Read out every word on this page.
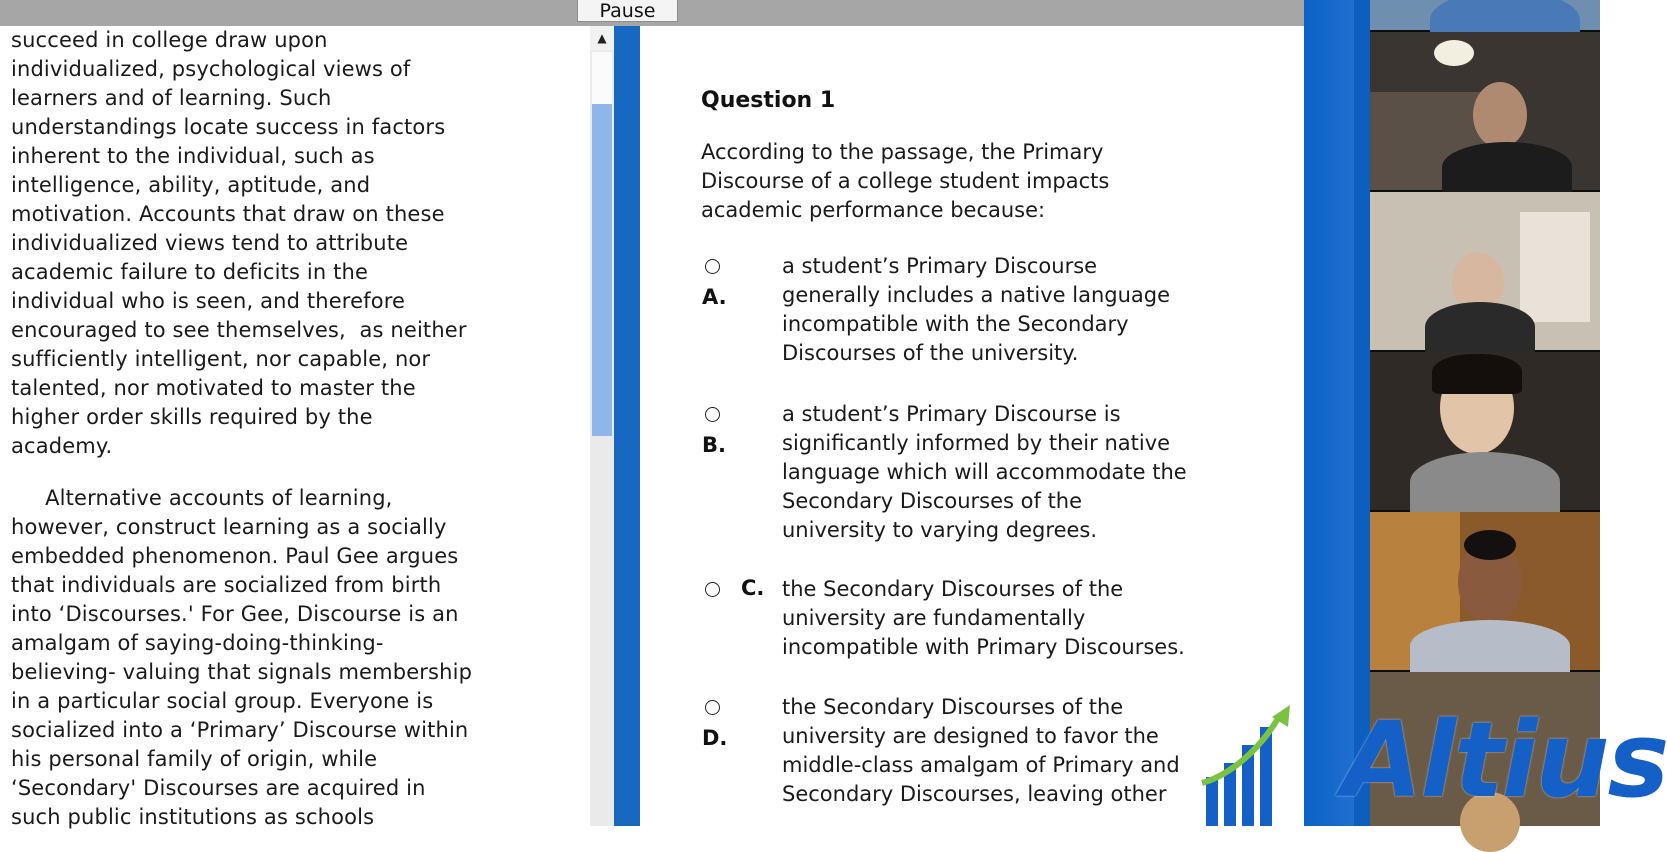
Pause
succeed in college draw upon
individualized, psychological views of
learners and of learning. Such
understandings locate success in factors
inherent to the individual, such as
intelligence, ability, aptitude, and
motivation. Accounts that draw on these
individualized views tend to attribute
academic failure to deficits in the
individual who is seen, and therefore
encouraged to see themselves,  as neither
sufficiently intelligent, nor capable, nor
talented, nor motivated to master the
higher order skills required by the
academy.
Alternative accounts of learning,
however, construct learning as a socially
embedded phenomenon. Paul Gee argues
that individuals are socialized from birth
into ‘Discourses.' For Gee, Discourse is an
amalgam of saying-doing-thinking-
believing- valuing that signals membership
in a particular social group. Everyone is
socialized into a ‘Primary’ Discourse within
his personal family of origin, while
‘Secondary' Discourses are acquired in
such public institutions as schools
▲
Question 1
According to the passage, the Primary
Discourse of a college student impacts
academic performance because:
A.
a student’s Primary Discourse
generally includes a native language
incompatible with the Secondary
Discourses of the university.
B.
a student’s Primary Discourse is
significantly informed by their native
language which will accommodate the
Secondary Discourses of the
university to varying degrees.
C. the Secondary Discourses of the
university are fundamentally
incompatible with Primary Discourses.
D.
the Secondary Discourses of the
university are designed to favor the
middle-class amalgam of Primary and
Secondary Discourses, leaving other	Altius
